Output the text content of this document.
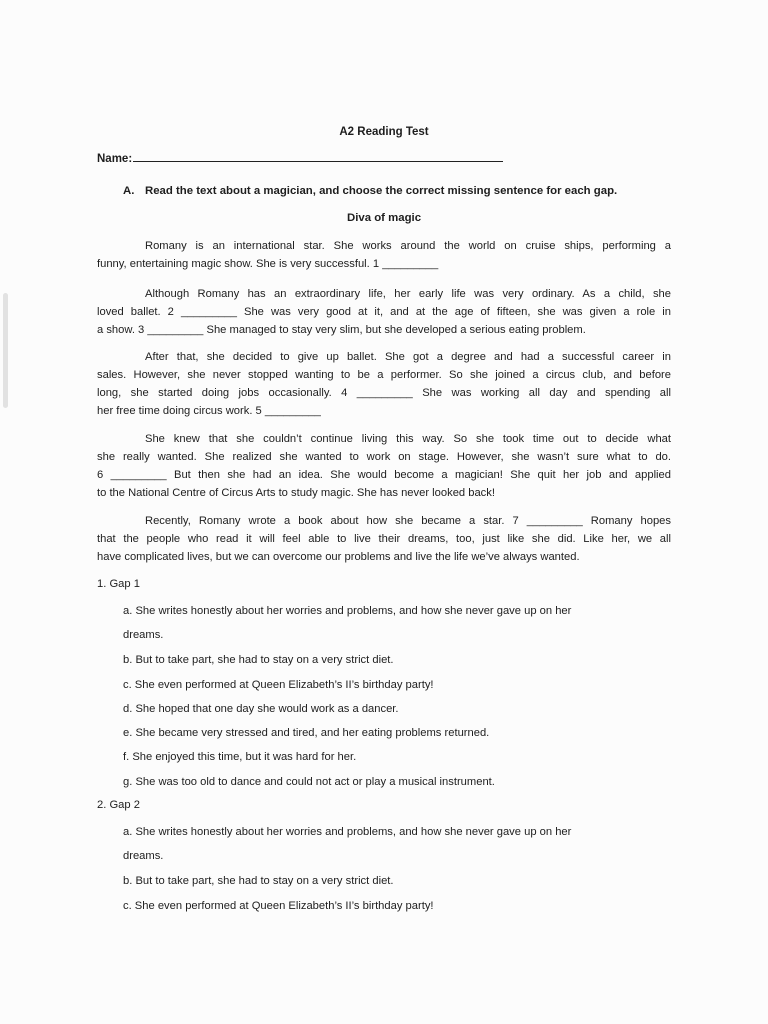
A2 Reading Test
Name:
A. Read the text about a magician, and choose the correct missing sentence for each gap.
Diva of magic
Romany is an international star. She works around the world on cruise ships, performing a
funny, entertaining magic show. She is very successful. 1 _________
Although Romany has an extraordinary life, her early life was very ordinary. As a child, she
loved ballet. 2 _________ She was very good at it, and at the age of fifteen, she was given a role in
a show. 3 _________ She managed to stay very slim, but she developed a serious eating problem.
After that, she decided to give up ballet. She got a degree and had a successful career in
sales. However, she never stopped wanting to be a performer. So she joined a circus club, and before
long, she started doing jobs occasionally. 4 _________ She was working all day and spending all
her free time doing circus work. 5 _________
She knew that she couldn’t continue living this way. So she took time out to decide what
she really wanted. She realized she wanted to work on stage. However, she wasn’t sure what to do.
6 _________ But then she had an idea. She would become a magician! She quit her job and applied
to the National Centre of Circus Arts to study magic. She has never looked back!
Recently, Romany wrote a book about how she became a star. 7 _________ Romany hopes
that the people who read it will feel able to live their dreams, too, just like she did. Like her, we all
have complicated lives, but we can overcome our problems and live the life we’ve always wanted.
1. Gap 1
a. She writes honestly about her worries and problems, and how she never gave up on her
dreams.
b. But to take part, she had to stay on a very strict diet.
c. She even performed at Queen Elizabeth’s II’s birthday party!
d. She hoped that one day she would work as a dancer.
e. She became very stressed and tired, and her eating problems returned.
f. She enjoyed this time, but it was hard for her.
g. She was too old to dance and could not act or play a musical instrument.
2. Gap 2
a. She writes honestly about her worries and problems, and how she never gave up on her
dreams.
b. But to take part, she had to stay on a very strict diet.
c. She even performed at Queen Elizabeth’s II’s birthday party!
